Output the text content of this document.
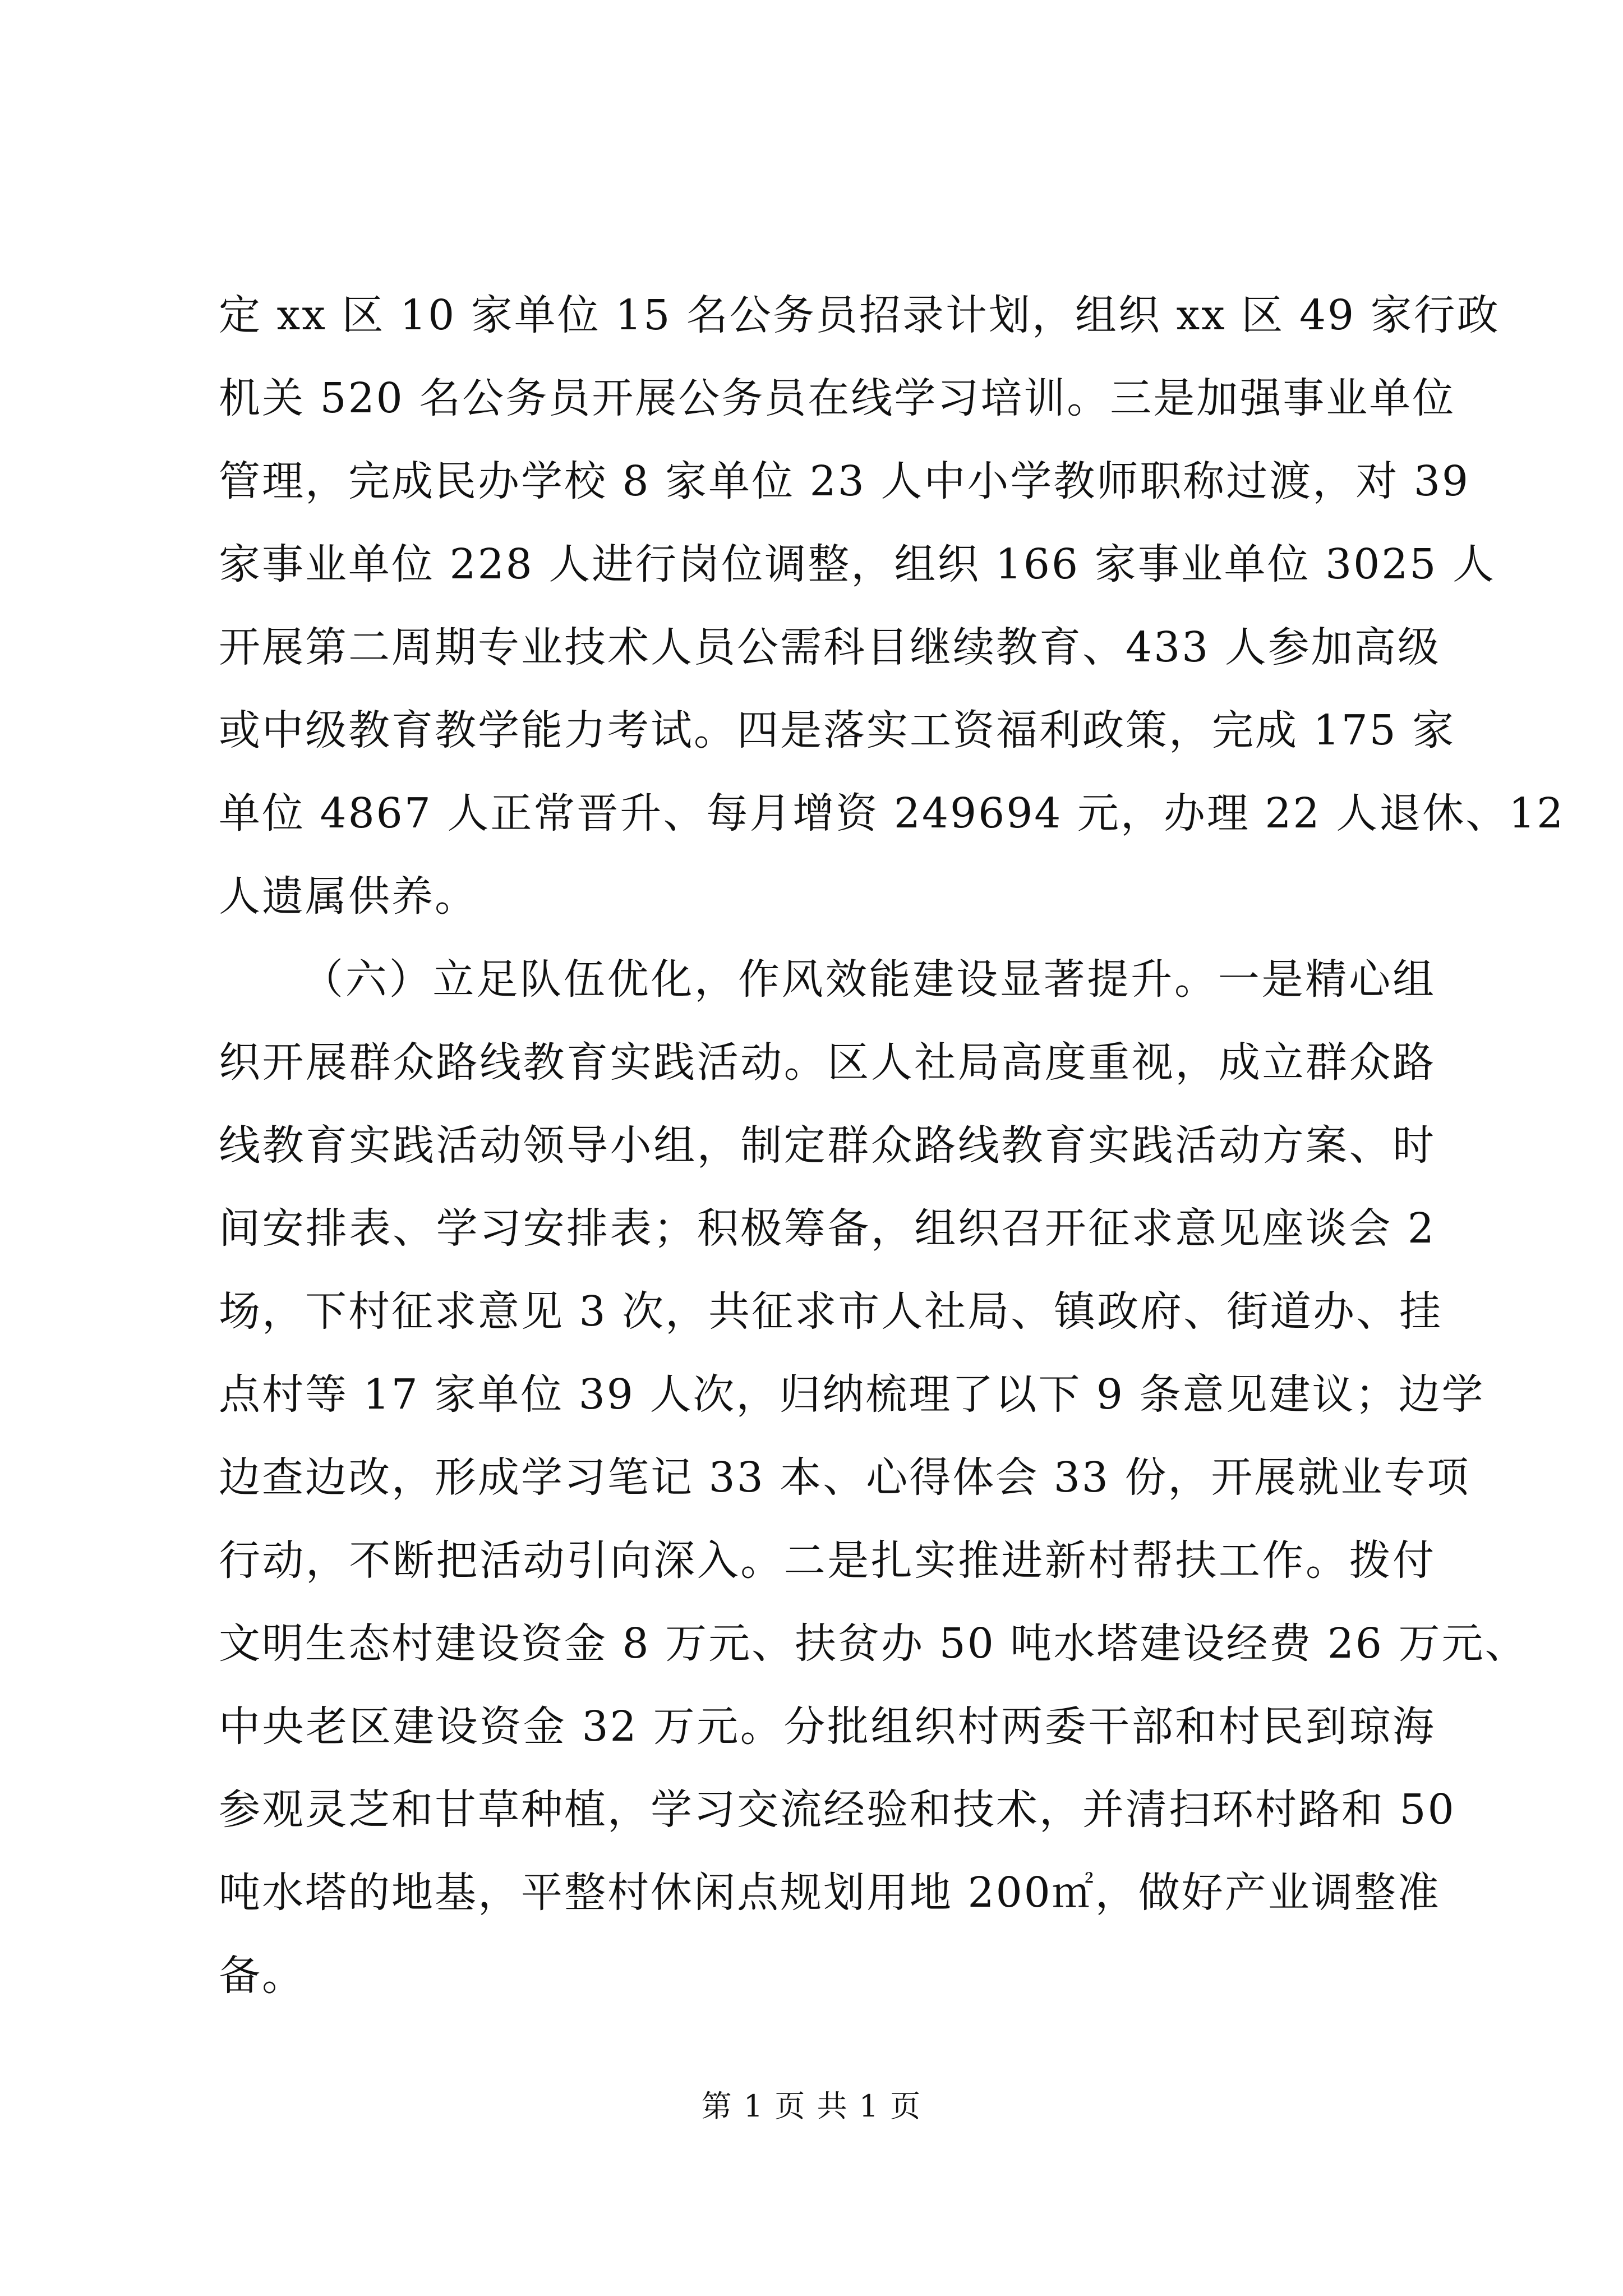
定 xx 区 10 家单位 15 名公务员招录计划，组织 xx 区 49 家行政
机关 520 名公务员开展公务员在线学习培训。三是加强事业单位
管理，完成民办学校 8 家单位 23 人中小学教师职称过渡，对 39
家事业单位 228 人进行岗位调整，组织 166 家事业单位 3025 人
开展第二周期专业技术人员公需科目继续教育、433 人参加高级
或中级教育教学能力考试。四是落实工资福利政策，完成 175 家
单位 4867 人正常晋升、每月增资 249694 元，办理 22 人退休、12
人遗属供养。
（六）立足队伍优化，作风效能建设显著提升。一是精心组
织开展群众路线教育实践活动。区人社局高度重视，成立群众路
线教育实践活动领导小组，制定群众路线教育实践活动方案、时
间安排表、学习安排表；积极筹备，组织召开征求意见座谈会 2
场，下村征求意见 3 次，共征求市人社局、镇政府、街道办、挂
点村等 17 家单位 39 人次，归纳梳理了以下 9 条意见建议；边学
边查边改，形成学习笔记 33 本、心得体会 33 份，开展就业专项
行动，不断把活动引向深入。二是扎实推进新村帮扶工作。拨付
文明生态村建设资金 8 万元、扶贫办 50 吨水塔建设经费 26 万元、
中央老区建设资金 32 万元。分批组织村两委干部和村民到琼海
参观灵芝和甘草种植，学习交流经验和技术，并清扫环村路和 50
吨水塔的地基，平整村休闲点规划用地 200㎡，做好产业调整准
备。
第 1 页 共 1 页
